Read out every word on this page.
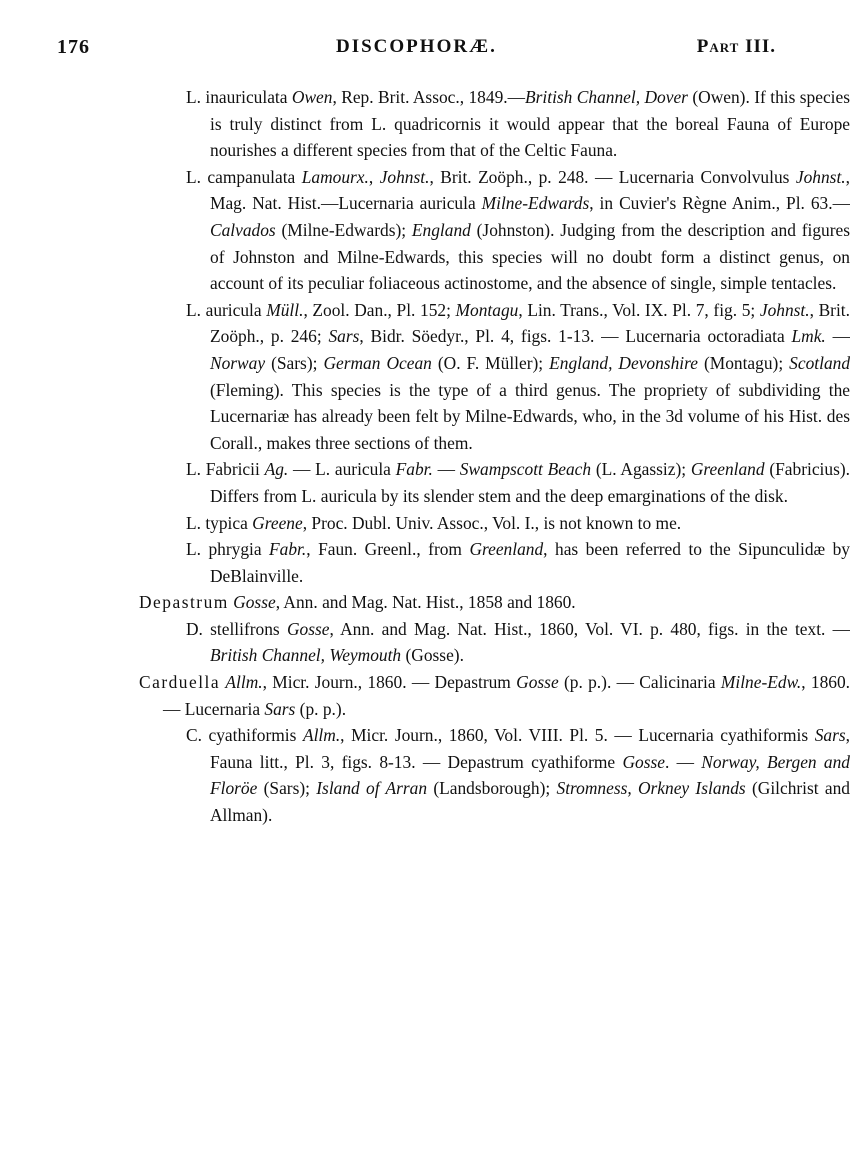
176	DISCOPHORÆ.	Part III.

L. inauriculata Owen, Rep. Brit. Assoc., 1849.—British Channel, Dover (Owen). If this species is truly distinct from L. quadricornis it would appear that the boreal Fauna of Europe nourishes a different species from that of the Celtic Fauna.

L. campanulata Lamourx., Johnst., Brit. Zoöph., p. 248. — Lucernaria Convolvulus Johnst., Mag. Nat. Hist.—Lucernaria auricula Milne-Edwards, in Cuvier's Règne Anim., Pl. 63.—Calvados (Milne-Edwards); England (Johnston). Judging from the description and figures of Johnston and Milne-Edwards, this species will no doubt form a distinct genus, on account of its peculiar foliaceous actinostome, and the absence of single, simple tentacles.

L. auricula Müll., Zool. Dan., Pl. 152; Montagu, Lin. Trans., Vol. IX. Pl. 7, fig. 5; Johnst., Brit. Zoöph., p. 246; Sars, Bidr. Söedyr., Pl. 4, figs. 1-13. — Lucernaria octoradiata Lmk. — Norway (Sars); German Ocean (O. F. Müller); England, Devonshire (Montagu); Scotland (Fleming). This species is the type of a third genus. The propriety of subdividing the Lucernariæ has already been felt by Milne-Edwards, who, in the 3d volume of his Hist. des Corall., makes three sections of them.

L. Fabricii Ag. — L. auricula Fabr. — Swampscott Beach (L. Agassiz); Greenland (Fabricius). Differs from L. auricula by its slender stem and the deep emarginations of the disk.

L. typica Greene, Proc. Dubl. Univ. Assoc., Vol. I., is not known to me.

L. phrygia Fabr., Faun. Greenl., from Greenland, has been referred to the Sipunculidæ by DeBlainville.

Depastrum Gosse, Ann. and Mag. Nat. Hist., 1858 and 1860.

D. stellifrons Gosse, Ann. and Mag. Nat. Hist., 1860, Vol. VI. p. 480, figs. in the text. — British Channel, Weymouth (Gosse).

Carduella Allm., Micr. Journ., 1860. — Depastrum Gosse (p. p.). — Calicinaria Milne-Edw., 1860. — Lucernaria Sars (p. p.).

C. cyathiformis Allm., Micr. Journ., 1860, Vol. VIII. Pl. 5. — Lucernaria cyathiformis Sars, Fauna litt., Pl. 3, figs. 8-13. — Depastrum cyathiforme Gosse. — Norway, Bergen and Floröe (Sars); Island of Arran (Landsborough); Stromness, Orkney Islands (Gilchrist and Allman).
